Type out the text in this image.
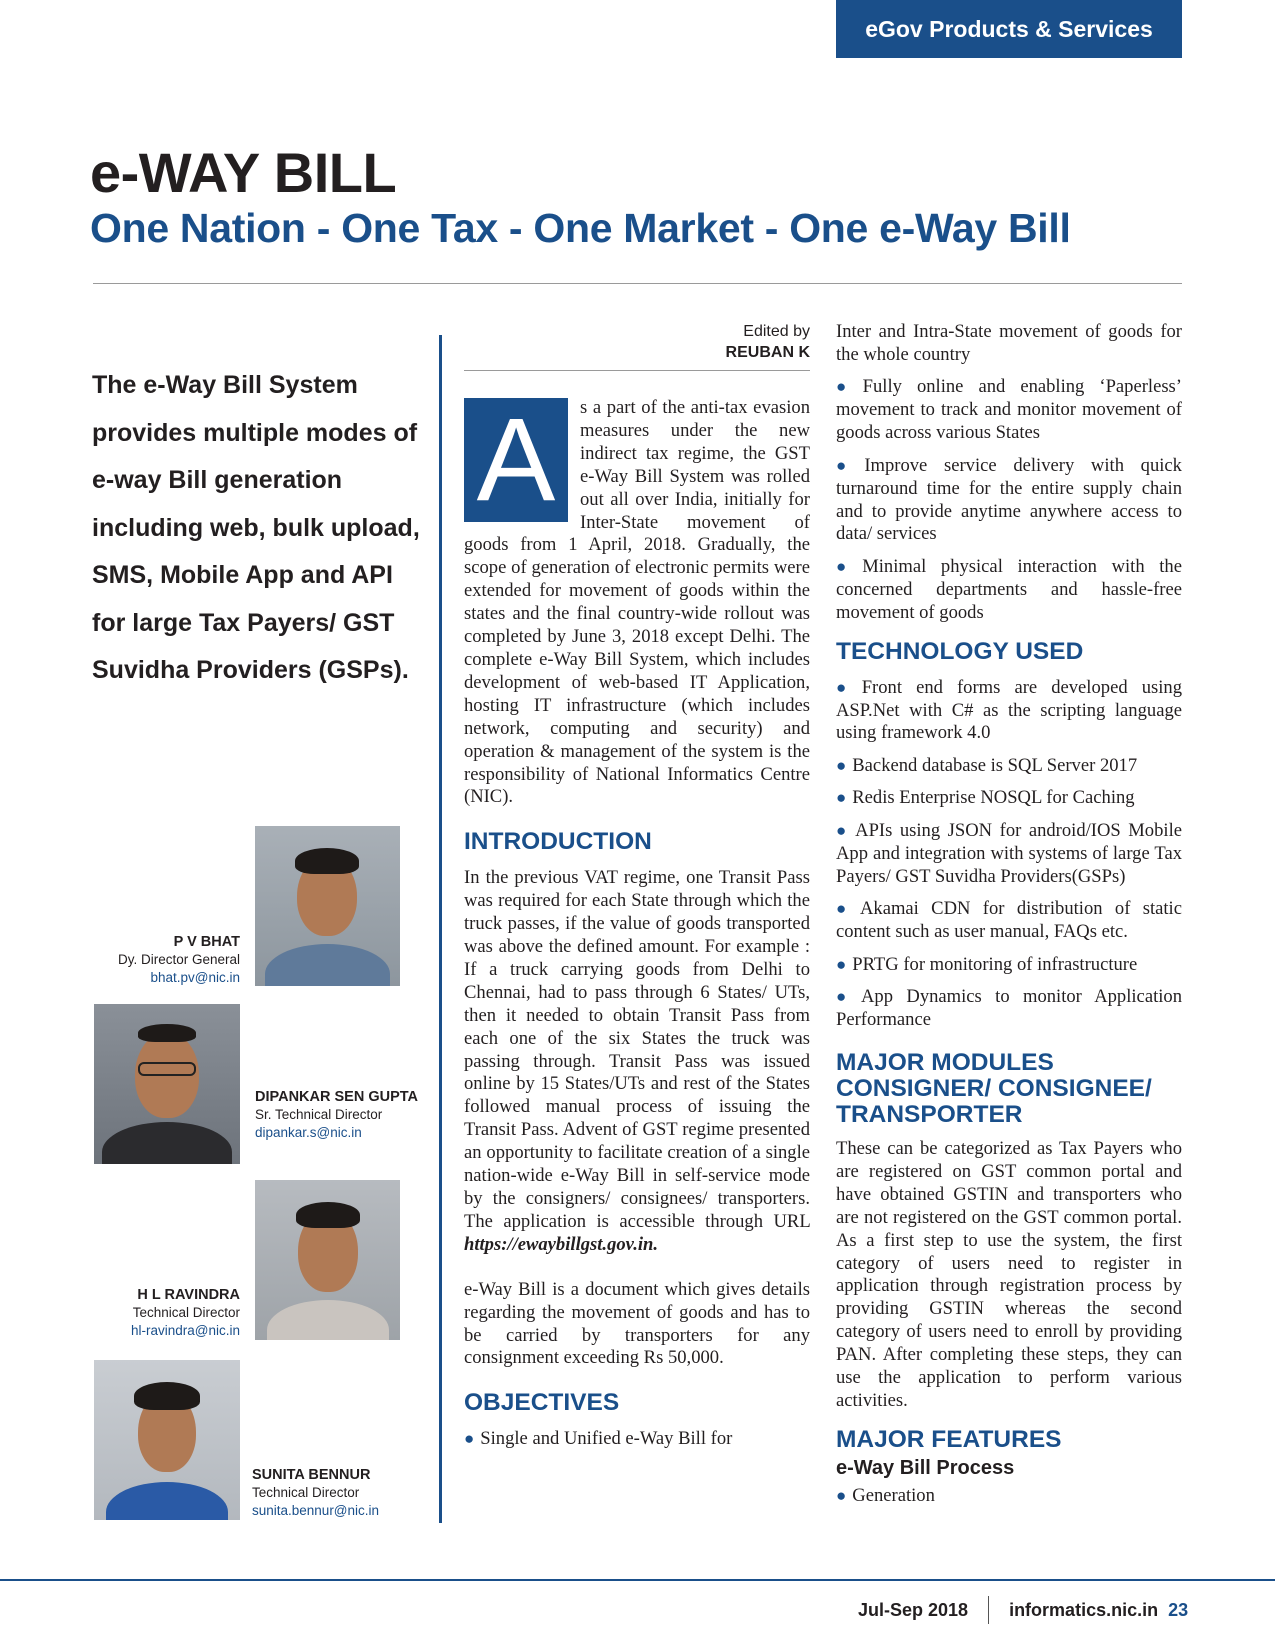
eGov Products & Services
e-WAY BILL
One Nation - One Tax - One Market - One e-Way Bill

The e-Way Bill System provides multiple modes of e-way Bill generation including web, bulk upload, SMS, Mobile App and API for large Tax Payers/ GST Suvidha Providers (GSPs).

P V BHAT
Dy. Director General
bhat.pv@nic.in
DIPANKAR SEN GUPTA
Sr. Technical Director
dipankar.s@nic.in
H L RAVINDRA
Technical Director
hl-ravindra@nic.in
SUNITA BENNUR
Technical Director
sunita.bennur@nic.in
Edited by
REUBAN K

A	s a part of the anti-tax evasion measures under the new indirect tax regime, the GST e-Way Bill System was rolled out all over India, initially for Inter-State movement of goods from 1 April, 2018. Gradually, the scope of generation of electronic permits were extended for movement of goods within the states and the final country-wide rollout was completed by June 3, 2018 except Delhi. The complete e-Way Bill System, which includes development of web-based IT Application, hosting IT infrastructure (which includes network, computing and security) and operation & management of the system is the responsibility of National Informatics Centre (NIC).

INTRODUCTION

In the previous VAT regime, one Transit Pass was required for each State through which the truck passes, if the value of goods transported was above the defined amount. For example : If a truck carrying goods from Delhi to Chennai, had to pass through 6 States/ UTs, then it needed to obtain Transit Pass from each one of the six States the truck was passing through. Transit Pass was issued online by 15 States/UTs and rest of the States followed manual process of issuing the Transit Pass. Advent of GST regime presented an opportunity to facilitate creation of a single nation-wide e-Way Bill in self-service mode by the consigners/ consignees/ transporters. The application is accessible through URL https://ewaybillgst.gov.in.

e-Way Bill is a document which gives details regarding the movement of goods and has to be carried by transporters for any consignment exceeding Rs 50,000.

OBJECTIVES
● Single and Unified e-Way Bill for

Inter and Intra-State movement of goods for the whole country

● Fully online and enabling ‘Paperless’ movement to track and monitor movement of goods across various States
● Improve service delivery with quick turnaround time for the entire supply chain and to provide anytime anywhere access to data/ services
● Minimal physical interaction with the concerned departments and hassle-free movement of goods
TECHNOLOGY USED
● Front end forms are developed using ASP.Net with C# as the scripting language using framework 4.0
● Backend database is SQL Server 2017
● Redis Enterprise NOSQL for Caching
● APIs using JSON for android/IOS Mobile App and integration with systems of large Tax Payers/ GST Suvidha Providers(GSPs)
● Akamai CDN for distribution of static content such as user manual, FAQs etc.
● PRTG for monitoring of infrastructure
● App Dynamics to monitor Application Performance
MAJOR MODULES CONSIGNER/ CONSIGNEE/ TRANSPORTER

These can be categorized as Tax Payers who are registered on GST common portal and have obtained GSTIN and transporters who are not registered on the GST common portal. As a first step to use the system, the first category of users need to register in application through registration process by providing GSTIN whereas the second category of users need to enroll by providing PAN. After completing these steps, they can use the application to perform various activities.

MAJOR FEATURES
e-Way Bill Process
● Generation
Jul-Sep 2018 informatics.nic.in 23
